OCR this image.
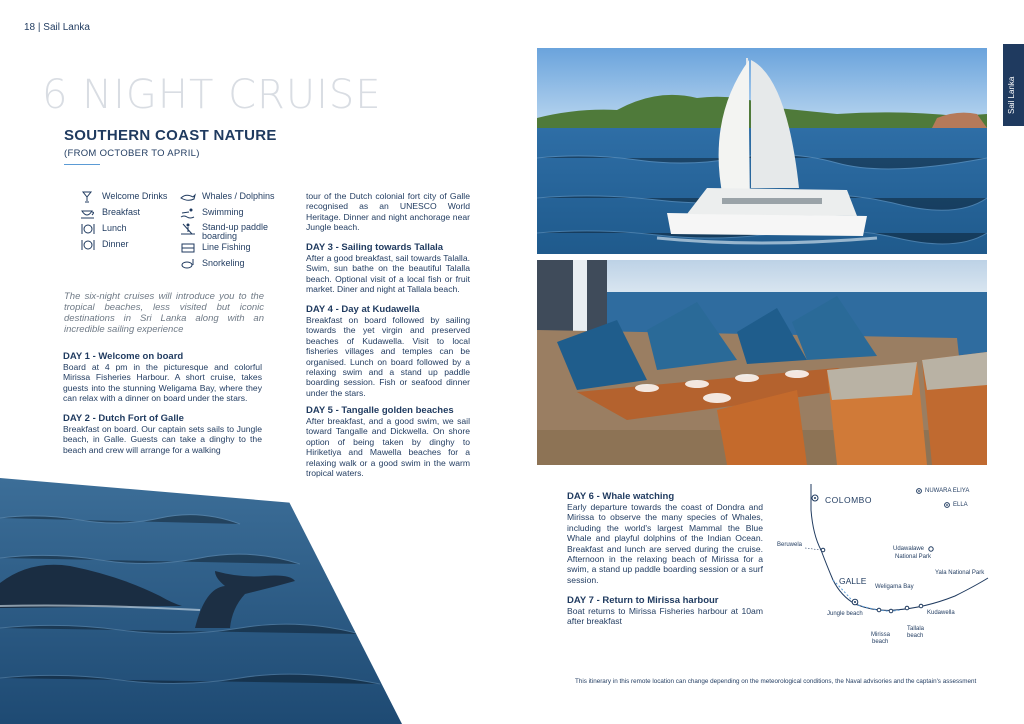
18 | Sail Lanka
6 NIGHT CRUISE
SOUTHERN COAST NATURE
(FROM OCTOBER TO APRIL)
Welcome Drinks
Breakfast
Lunch
Dinner
Whales / Dolphins
Swimming
Stand-up paddle boarding
Line Fishing
Snorkeling
The six-night cruises will introduce you to the tropical beaches, less visited but iconic destinations in Sri Lanka along with an incredible sailing experience
DAY 1 - Welcome on board
Board at 4 pm in the picturesque and colorful Mirissa Fisheries Harbour. A short cruise, takes guests into the stunning Weligama Bay, where they can relax with a dinner on board under the stars.
DAY 2 - Dutch Fort of Galle
Breakfast on board. Our captain sets sails to Jungle beach, in Galle. Guests can take a dinghy to the beach and crew will arrange for a walking
tour of the Dutch colonial fort city of Galle recognised as an UNESCO World Heritage. Dinner and night anchorage near Jungle beach.
DAY 3 - Sailing towards Tallala
After a good breakfast, sail towards Talalla. Swim, sun bathe on the beautiful Talalla beach. Optional visit of a local fish or fruit market. Diner and night at Tallala beach.
DAY 4 - Day at Kudawella
Breakfast on board followed by sailing towards the yet virgin and preserved beaches of Kudawella. Visit to local fisheries villages and temples can be organised. Lunch on board followed by a relaxing swim and a stand up paddle boarding session. Fish or seafood dinner under the stars.
DAY 5 - Tangalle golden beaches
After breakfast, and a good swim, we sail toward Tangalle and Dickwella. On shore option of being taken by dinghy to Hiriketiya and Mawella beaches for a relaxing walk or a good swim in the warm tropical waters.
DAY 6 - Whale watching
Early departure towards the coast of Dondra and Mirissa to observe the many species of Whales, including the world's largest Mammal the Blue Whale and playful dolphins of the Indian Ocean. Breakfast and lunch are served during the cruise. Afternoon in the relaxing beach of Mirissa for a swim, a stand up paddle boarding session or a surf session.
DAY 7 - Return to Mirissa harbour
Boat returns to Mirissa Fisheries harbour at 10am after breakfast
Sail Lanka
COLOMBO
NUWARA ELIYA
ELLA
Beruwela
Udawalawe
National Park
Yala National Park
GALLE
Weligama Bay
Jungle beach	Kudawella
Tallala
beach
Mirissa
beach
This itinerary in this remote location can change depending on the meteorological conditions, the Naval advisories and the captain's assessment
